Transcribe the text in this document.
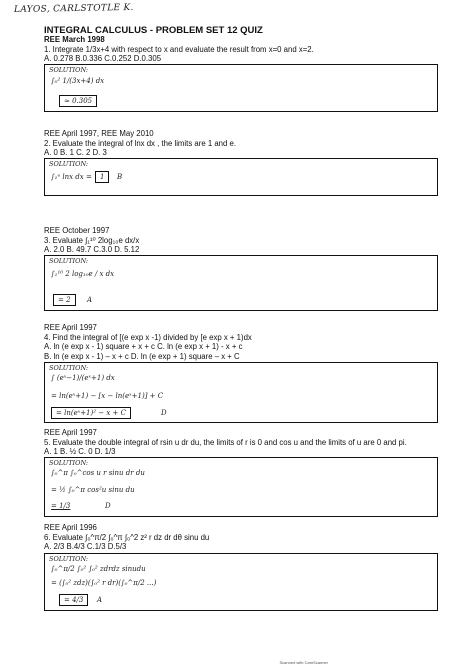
LAYOS, CARLSTOTLE K.
INTEGRAL CALCULUS - PROBLEM SET 12 QUIZ
REE March 1998
1. Integrate 1/3x+4 with respect to x and evaluate the result from x=0 and x=2.
A. 0.278 B.0.336 C.0.252 D.0.305
SOLUTION:
∫₀² 1/(3x+4) dx
≈ 0.305
REE April 1997, REE May 2010
2. Evaluate the integral of lnx dx , the limits are 1 and e.
A. 0 B. 1 C. 2 D. 3
SOLUTION:
∫₁ᵉ lnx dx =	1	B
REE October 1997
3. Evaluate ∫₁¹⁰ 2log₁₀e dx/x
A. 2.0 B. 49.7 C.3.0 D. 5.12
SOLUTION:
∫₁¹⁰ 2 log₁₀e / x dx
= 2	A
REE April 1997
4. Find the integral of [(e exp x -1) divided by [e exp x + 1)dx
A. ln (e exp x - 1) square + x + c C. ln (e exp x + 1) - x + c
B. ln (e exp x - 1) – x + c D. ln (e exp + 1) square – x + C
SOLUTION:
∫ (eˣ−1)/(eˣ+1) dx
= ln(eˣ+1) − [x − ln(eˣ+1)] + C
= ln(eˣ+1)² − x + C	D
REE April 1997
5. Evaluate the double integral of rsin u dr du, the limits of r is 0 and cos u and the limits of u are 0 and pi.
A. 1 B. ½ C. 0 D. 1/3
SOLUTION:
∫₀^π ∫₀^cos u r sinu dr du
= ½ ∫₀^π cos²u sinu du
= 1/3	D
REE April 1996
6. Evaluate ∫₀^π/2 ∫₀^π ∫₀^2 z² r dz dr dθ sinu du
A. 2/3 B.4/3 C.1/3 D.5/3
SOLUTION:
∫₀^π/2 ∫₀² ∫₀² zdrdz sinudu
= (∫₀² zdz)(∫₀² r dr)(∫₀^π/2 ...)
= 4/3	A
Scanned with CamScanner
